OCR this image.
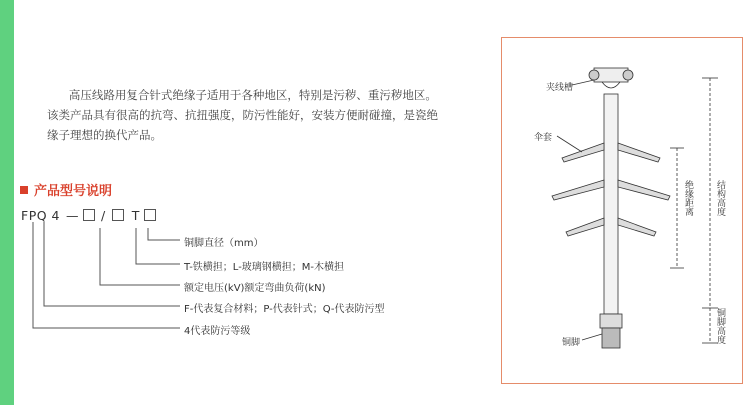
高压线路用复合针式绝缘子适用于各种地区，特别是污秽、重污秽地区。该类产品具有很高的抗弯、抗扭强度，防污性能好，安装方便耐碰撞，是瓷绝缘子理想的换代产品。

产品型号说明
FPQ 4 — / T
铜脚直径（mm）
T-铁横担；L-玻璃钢横担；M-木横担
额定电压(kV)额定弯曲负荷(kN)
F-代表复合材料；P-代表针式；Q-代表防污型
4代表防污等级
夹线槽
伞套
铜脚
绝缘距离 结构高度
铜脚高度
